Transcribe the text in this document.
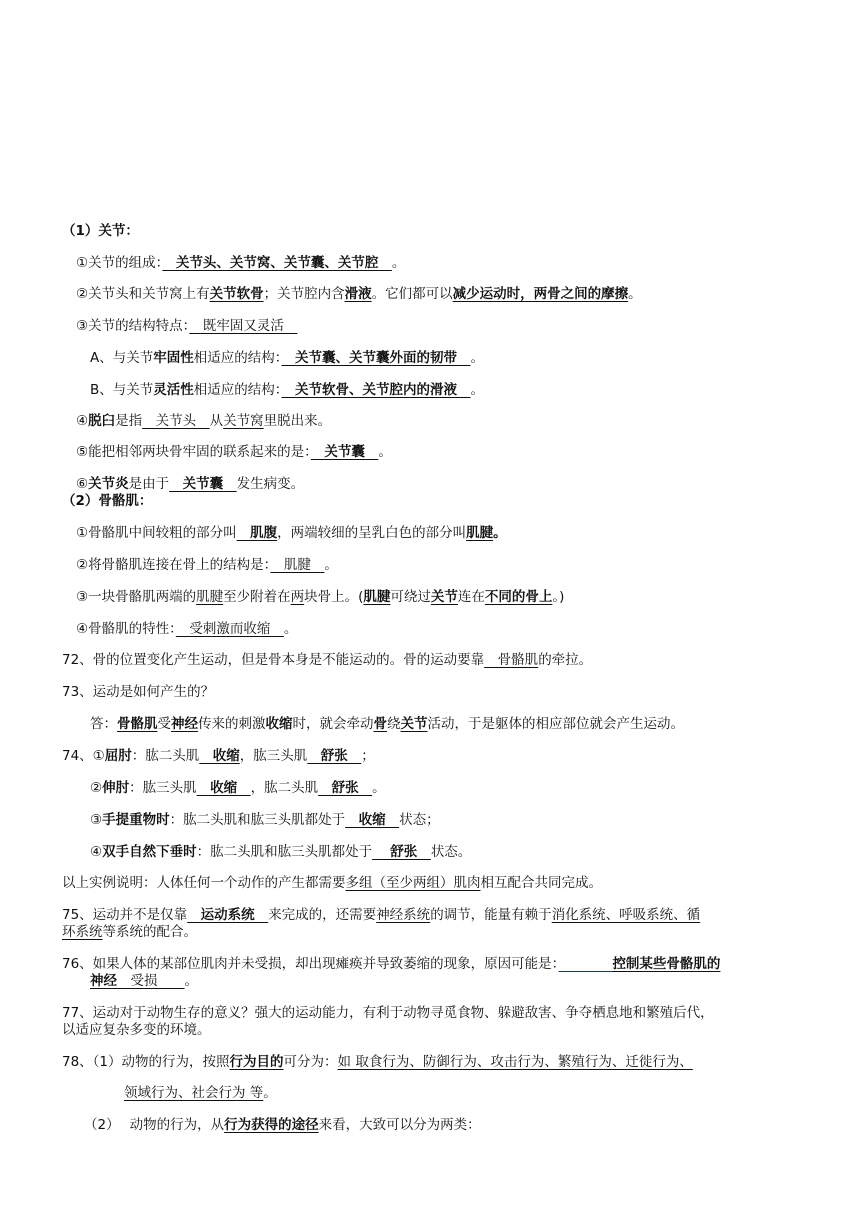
（1）关节：
①关节的组成：　关节头、关节窝、关节囊、关节腔　。
②关节头和关节窝上有关节软骨；关节腔内含滑液。它们都可以减少运动时，两骨之间的摩擦。
③关节的结构特点：　既牢固又灵活　
A、与关节牢固性相适应的结构：　关节囊、关节囊外面的韧带　。
B、与关节灵活性相适应的结构：　关节软骨、关节腔内的滑液　。
④脱臼是指　关节头　从关节窝里脱出来。
⑤能把相邻两块骨牢固的联系起来的是：　关节囊　。
⑥关节炎是由于　关节囊　发生病变。
（2）骨骼肌：
①骨骼肌中间较粗的部分叫　肌腹，两端较细的呈乳白色的部分叫肌腱。
②将骨骼肌连接在骨上的结构是：　肌腱　。
③一块骨骼肌两端的肌腱至少附着在两块骨上。(肌腱可绕过关节连在不同的骨上。)
④骨骼肌的特性：　受刺激而收缩　。
72、骨的位置变化产生运动，但是骨本身是不能运动的。骨的运动要靠　骨骼肌的牵拉。
73、运动是如何产生的？
答：骨骼肌受神经传来的刺激收缩时，就会牵动骨绕关节活动，于是躯体的相应部位就会产生运动。
74、①屈肘：肱二头肌　收缩，肱三头肌　舒张　；
②伸肘：肱三头肌　收缩　，肱二头肌　舒张　。
③手提重物时：肱二头肌和肱三头肌都处于　收缩　状态；
④双手自然下垂时：肱二头肌和肱三头肌都处于　 舒张　状态。
以上实例说明：人体任何一个动作的产生都需要多组（至少两组）肌肉相互配合共同完成。
75、运动并不是仅靠　运动系统　来完成的，还需要神经系统的调节，能量有赖于消化系统、呼吸系统、循
环系统等系统的配合。
76、如果人体的某部位肌肉并未受损，却出现瘫痪并导致萎缩的现象，原因可能是：　　　　	控制某些骨骼肌的
神经　受损　　。
77、运动对于动物生存的意义？强大的运动能力，有利于动物寻觅食物、躲避敌害、争夺栖息地和繁殖后代，
以适应复杂多变的环境。
78、（1）动物的行为，按照行为目的可分为：如 取食行为、防御行为、攻击行为、繁殖行为、迁徙行为、
领域行为、社会行为 等。
（2） 动物的行为，从行为获得的途径来看，大致可以分为两类：
